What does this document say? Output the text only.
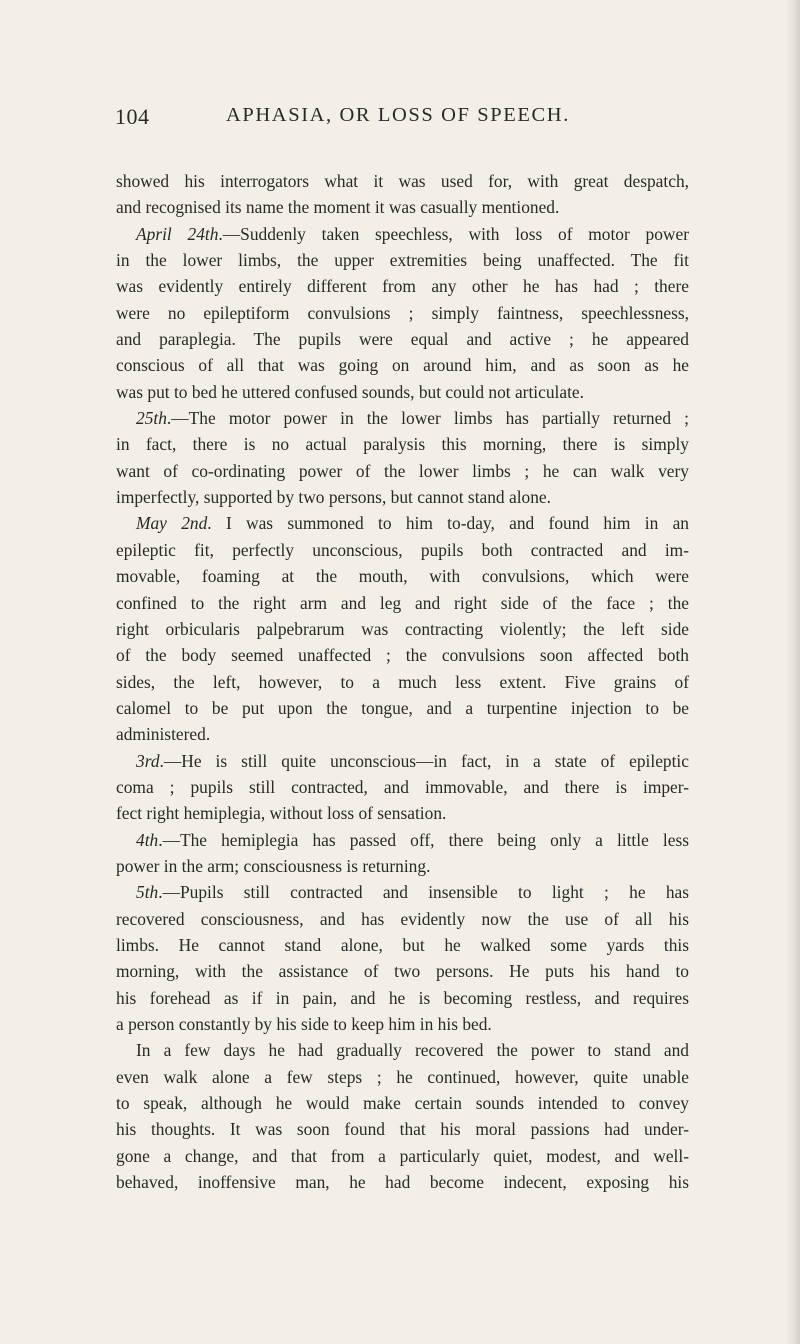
104	APHASIA, OR LOSS OF SPEECH.
showed his interrogators what it was used for, with great despatch,
and recognised its name the moment it was casually mentioned.
April 24th.—Suddenly taken speechless, with loss of motor power
in the lower limbs, the upper extremities being unaffected. The fit
was evidently entirely different from any other he has had ; there
were no epileptiform convulsions ; simply faintness, speechlessness,
and paraplegia. The pupils were equal and active ; he appeared
conscious of all that was going on around him, and as soon as he
was put to bed he uttered confused sounds, but could not articulate.
25th.—The motor power in the lower limbs has partially returned ;
in fact, there is no actual paralysis this morning, there is simply
want of co-ordinating power of the lower limbs ; he can walk very
imperfectly, supported by two persons, but cannot stand alone.
May 2nd. I was summoned to him to-day, and found him in an
epileptic fit, perfectly unconscious, pupils both contracted and im-
movable, foaming at the mouth, with convulsions, which were
confined to the right arm and leg and right side of the face ; the
right orbicularis palpebrarum was contracting violently; the left side
of the body seemed unaffected ; the convulsions soon affected both
sides, the left, however, to a much less extent. Five grains of
calomel to be put upon the tongue, and a turpentine injection to be
administered.
3rd.—He is still quite unconscious—in fact, in a state of epileptic
coma ; pupils still contracted, and immovable, and there is imper-
fect right hemiplegia, without loss of sensation.
4th.—The hemiplegia has passed off, there being only a little less
power in the arm; consciousness is returning.
5th.—Pupils still contracted and insensible to light ; he has
recovered consciousness, and has evidently now the use of all his
limbs. He cannot stand alone, but he walked some yards this
morning, with the assistance of two persons. He puts his hand to
his forehead as if in pain, and he is becoming restless, and requires
a person constantly by his side to keep him in his bed.
In a few days he had gradually recovered the power to stand and
even walk alone a few steps ; he continued, however, quite unable
to speak, although he would make certain sounds intended to convey
his thoughts. It was soon found that his moral passions had under-
gone a change, and that from a particularly quiet, modest, and well-
behaved, inoffensive man, he had become indecent, exposing his
